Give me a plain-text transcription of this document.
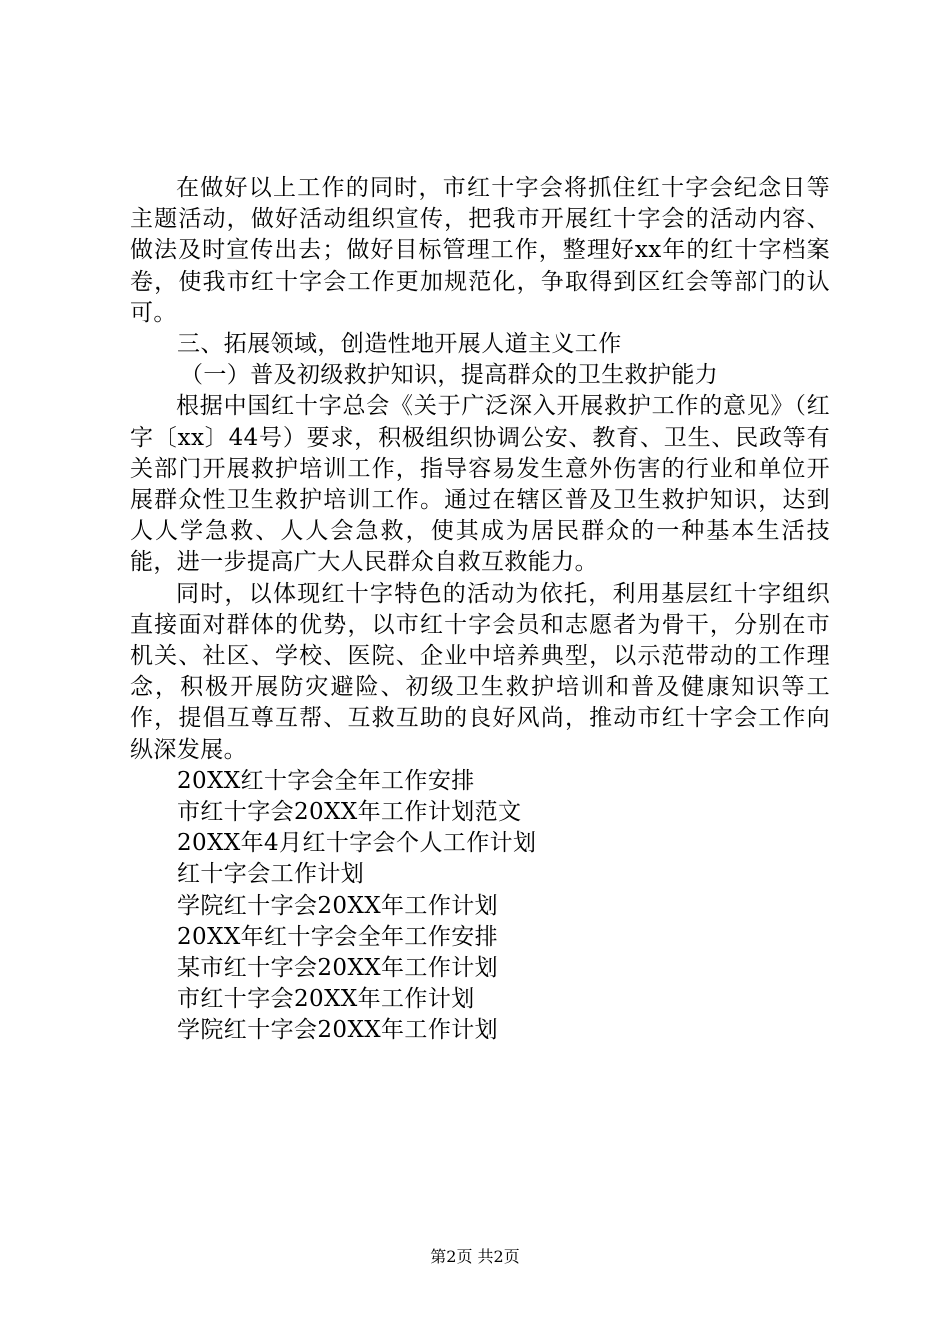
在做好以上工作的同时，市红十字会将抓住红十字会纪念日等主题活动，做好活动组织宣传，把我市开展红十字会的活动内容、做法及时宣传出去；做好目标管理工作，整理好xx年的红十字档案卷，使我市红十字会工作更加规范化，争取得到区红会等部门的认可。

三、拓展领域，创造性地开展人道主义工作

（一）普及初级救护知识，提高群众的卫生救护能力

根据中国红十字总会《关于广泛深入开展救护工作的意见》（红字〔xx〕44号）要求，积极组织协调公安、教育、卫生、民政等有关部门开展救护培训工作，指导容易发生意外伤害的行业和单位开展群众性卫生救护培训工作。通过在辖区普及卫生救护知识，达到人人学急救、人人会急救，使其成为居民群众的一种基本生活技能，进一步提高广大人民群众自救互救能力。

同时，以体现红十字特色的活动为依托，利用基层红十字组织直接面对群体的优势，以市红十字会员和志愿者为骨干，分别在市机关、社区、学校、医院、企业中培养典型，以示范带动的工作理念，积极开展防灾避险、初级卫生救护培训和普及健康知识等工作，提倡互尊互帮、互救互助的良好风尚，推动市红十字会工作向纵深发展。

20XX红十字会全年工作安排
市红十字会20XX年工作计划范文
20XX年4月红十字会个人工作计划
红十字会工作计划
学院红十字会20XX年工作计划
20XX年红十字会全年工作安排
某市红十字会20XX年工作计划
市红十字会20XX年工作计划
学院红十字会20XX年工作计划
第2页 共2页
